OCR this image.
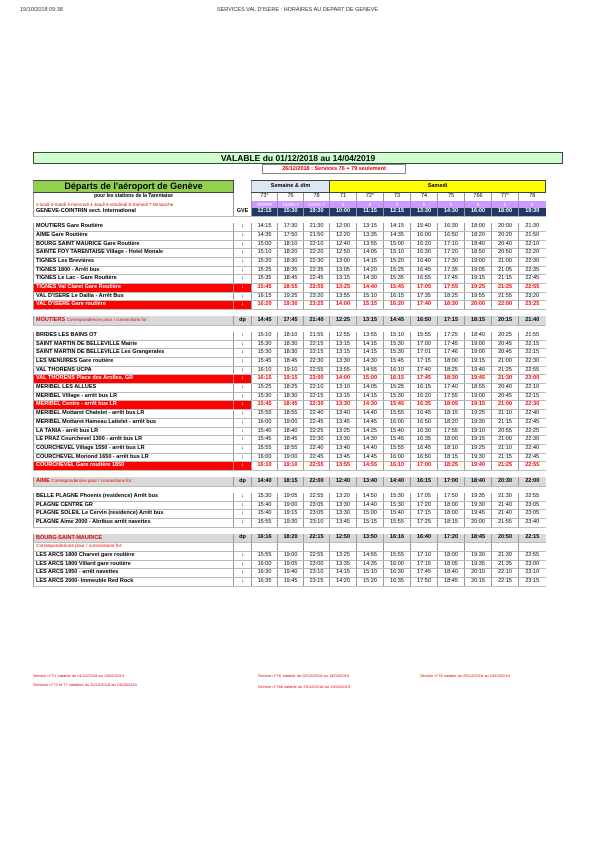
19/10/2018 09:38	SERVICES VAL D'ISERE : HORAIRES AU DEPART DE GENEVE
VALABLE du 01/12/2018 au 14/04/2019
26/12/2018 : Services 76 + 79 seulement
Départs de l'aéroport de Genève		Semaine & dim			Samedi							
pour les stations de la Tarentaise		73°	76	78	71	72°	73	74	75	766	77°	78
1-lundi 2-mardi 3-mercredi 4-Jeudi 5-vendredi 6-Samedi 7-Dimanche		######	12345-7	12345-7	6	6	6	6	6	6	6	6
GENEVE-COINTRIN sect. International	GVE	12:15	15:30	19:30	10:00	11:15	12:15	13:30	14:30	16:00	18:00	19:30

MOUTIERS Gare Routière	↓	14:15	17:30	21:30	12:00	13:15	14:15	15:40	16:30	18:00	20:00	21:30
AIME Gare Routière	↓	14:35	17:50	21:50	12:20	13:35	14:35	16:00	16:50	18:20	20:20	21:50
BOURG SAINT MAURICE Gare Routière	↓	15:00	18:10	22:10	12:40	13:55	15:00	16:20	17:10	18:40	20:40	22:10
SAINTE FOY TARENTAISE Village - Hotel Monale	↓	15:10	18:20	22:20	12:50	14:05	15:10	16:30	17:20	18:50	20:50	22:20
TIGNES Les Brevières	↓	15:20	18:30	22:30	13:00	14:15	15:20	16:40	17:30	19:00	21:00	22:30
TIGNES 1800 - Arrêt bus	↓	15:25	18:35	22:35	13:05	14:20	15:25	16:45	17:35	19:05	21:05	22:35
TIGNES Le Lac - Gare Routière	↓	15:35	18:45	22:45	13:15	14:30	15:35	16:55	17:45	19:15	21:15	22:45
TIGNES Val Claret Gare Routière	↓	15:45	18:55	22:55	13:25	14:40	15:45	17:05	17:55	19:25	21:25	22:55
VAL D'ISERE Le Dailla - Arrêt Bus	↓	16:15	19:25	23:20	13:55	15:10	16:15	17:35	18:25	19:55	21:55	23:20
VAL D'ISERE Gare routière	↓	16:20	19:30	23:25	14:00	15:15	16:20	17:40	18:30	20:00	22:00	23:25

MOUTIERS Correspondences pour / connections for :	dp	14:45	17:45	21:40	12:25	13:15	14:45	16:50	17:15	18:15	20:15	21:40

BRIDES LES BAINS OT	↓	15:10	18:10	21:55	12:55	13:55	15:10	15:55	17:25	18:40	20:25	21:55
SAINT MARTIN DE BELLEVILLE Mairie	↓	15:30	18:30	22:15	13:15	14:15	15:30	17:00	17:45	19:00	20:45	22:15
SAINT MARTIN DE BELLEVILLE Les Grangerales	↓	15:30	18:30	22:15	13:15	14:15	15:30	17:01	17:46	19:00	20:45	22:15
LES MENUIRES Gare routière	↓	15:45	18:45	22:30	13:30	14:30	15:45	17:15	18:00	19:15	21:00	22:30
VAL THORENS UCPA	↓	16:10	19:10	22:55	13:55	14:55	16:10	17:40	18:25	19:40	21:25	22:55
VAL THORENS Place des Arolles, GR	↓	16:15	19:15	23:00	14:00	15:00	16:15	17:45	18:30	19:45	21:30	23:00
MERIBEL LES ALLUES	↓	15:25	18:25	22:10	13:10	14:05	15:25	16:15	17:40	18:55	20:40	22:10
MERIBEL Village - arrêt bus LR	↓	15:30	18:30	22:15	13:15	14:15	15:30	16:20	17:55	19:00	20:45	22:15
MERIBEL Centre - arrêt bus LR	↓	15:45	18:45	22:30	13:30	14:30	15:45	16:35	18:05	19:15	21:00	22:30
MERIBEL Mottaret Chatelet - arrêt bus LR	↓	15:55	18:55	22:40	13:40	14:40	15:55	16:45	18:15	19:25	21:10	22:40
MERIBEL Mottaret Hameau Laitelet - arrêt bus	↓	16:00	19:00	22:45	13:45	14:45	16:00	16:50	18:20	19:30	21:15	22:45
LA TANIA - arrêt bus LR	↓	15:40	18:40	22:25	13:25	14:25	15:40	16:30	17:55	19:10	20:55	22:25
LE PRAZ Courchevel 1300 - arrêt bus LR	↓	15:45	18:45	22:30	13:30	14:30	15:45	16:35	18:00	19:15	21:00	22:30
COURCHEVEL Village 1550 - arrêt bus LR	↓	15:55	18:55	22:40	13:40	14:40	15:55	16:45	18:10	19:25	21:10	22:40
COURCHEVEL Moriond 1650 - arrêt bus LR	↓	16:00	19:00	22:45	13:45	14:45	16:00	16:50	18:15	19:30	21:15	22:45
COURCHEVEL Gare routière 1850	↓	16:10	19:10	22:55	13:55	14:55	16:10	17:00	18:25	19:40	21:25	22:55

AIME Correspondences pour / connections for :	dp	14:40	18:15	22:00	12:40	13:40	14:40	16:15	17:00	18:40	20:30	22:00

BELLE PLAGNE Phoenix (residence) Arrêt bus	↓	15:30	19:05	22:55	13:20	14:50	15:30	17:05	17:50	19:35	21:30	22:55
PLAGNE CENTRE GR	↓	15:40	19:00	23:05	13:30	14:40	15:30	17:20	18:00	19:30	21:40	23:05
PLAGNE SOLEIL Le Cervin (residence) Arrêt bus	↓	15:40	19:15	23:05	13:30	15:00	15:40	17:15	18:00	19:45	21:40	23:05
PLAGNE Aime 2000 - Abribus arrêt navettes	↓	15:55	19:30	23:10	13:45	15:15	15:55	17:25	18:15	20:00	21:55	23:40

BOURG-SAINT-MAURICE	dp	16:16	18:20	22:15	12:50	13:50	16:16	16:40	17:20	18:45	20:50	22:15
Correspondences pour / connections for:												
LES ARCS 1800 Charvet gare routière	↓	15:55	19:00	22:55	13:25	14:55	15:55	17:10	18:00	19:30	21:30	22:55
LES ARCS 1800 Villard gare routière	↓	16:00	19:05	23:00	13:35	14:35	16:00	17:15	18:05	19:35	21:35	23:00
LES ARCS 1950 - arrêt navettes	↓	16:30	19:40	23:10	14:15	15:10	16:30	17:45	18:40	20:10	22:10	23:10
LES ARCS 2000- Immeuble Red Rock	↓	16:35	19:45	23:15	14:20	15:20	16:35	17:50	18:45	20:15	22:15	23:15
Service n°73 :valable du 01/12/2018 au 13/01/2019
Services n°72 et 77 valables du 22/12/2018 au 23/03/2019
Service n°78 :valable du 02/12/2018 au 14/04/2019
Service n°766 valable du 29/12/2018 au 13/04/2019
Service n°76 valable du 29/12/2018 au 23/03/2019
